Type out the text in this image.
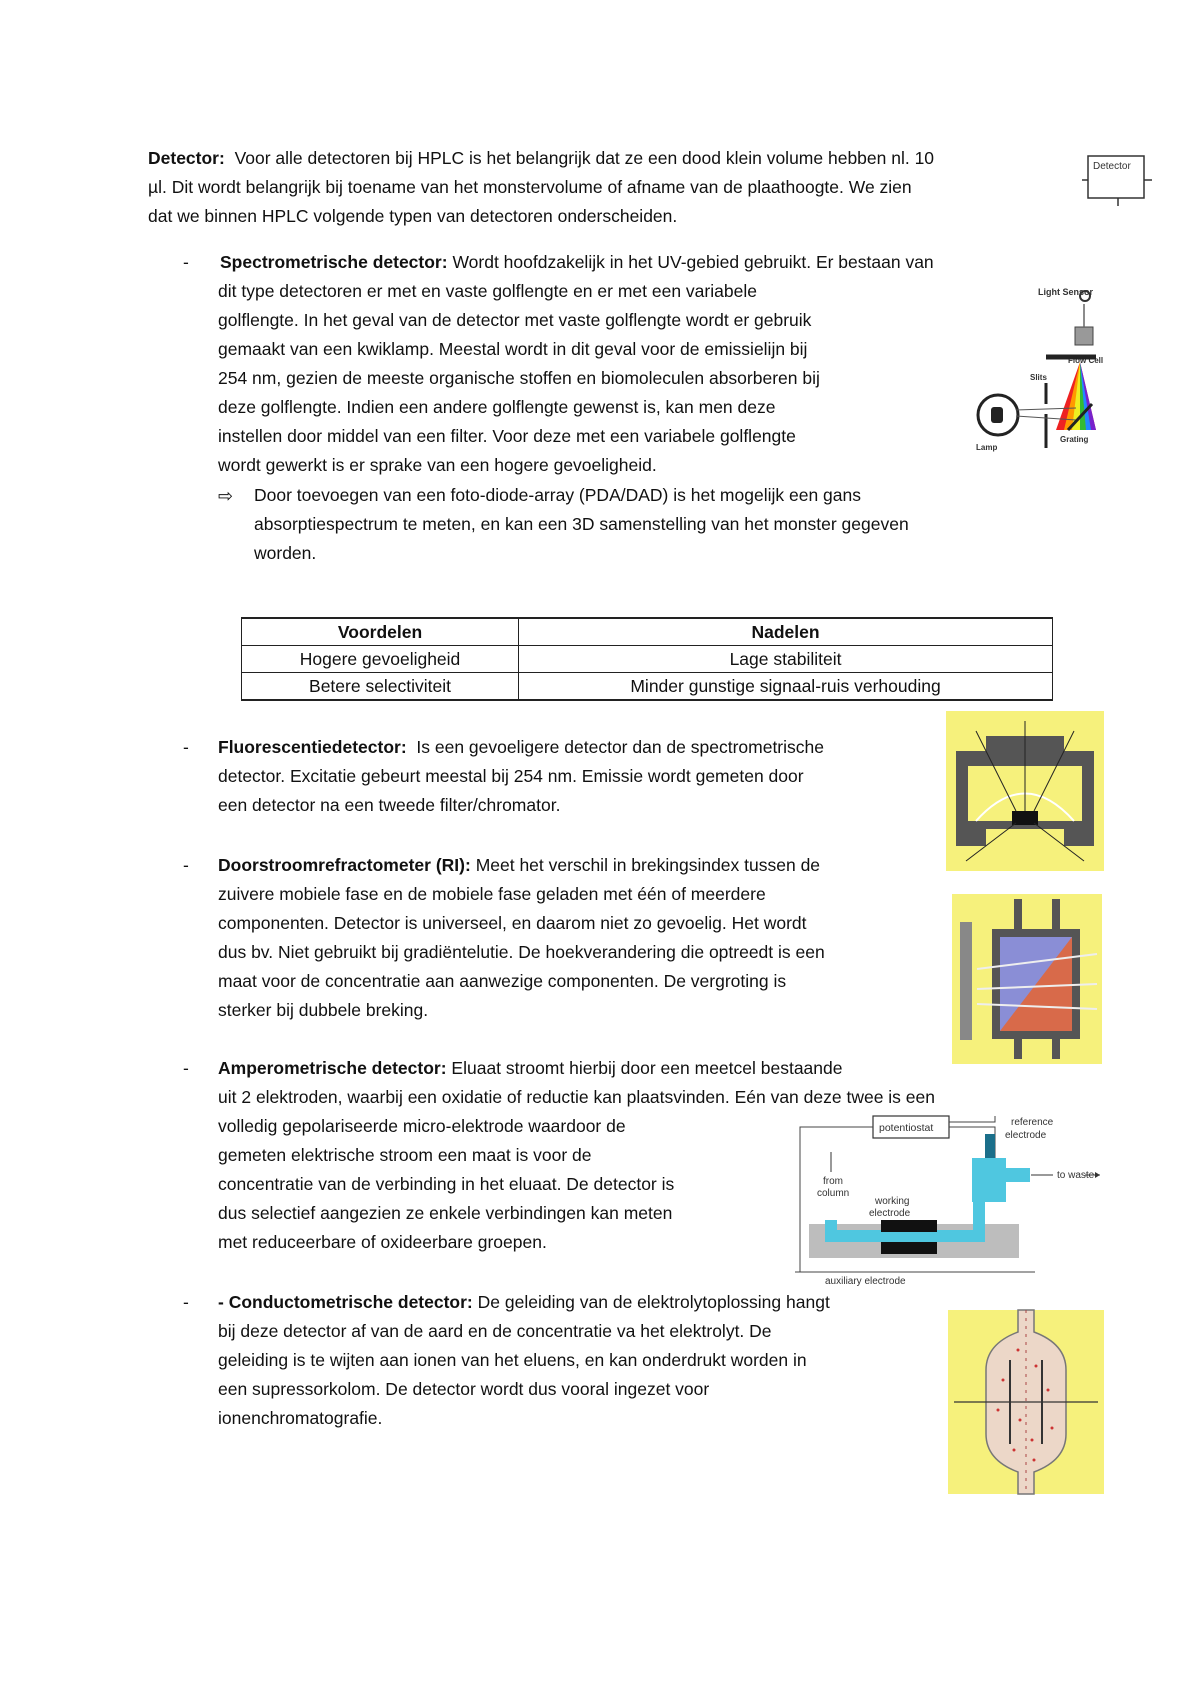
Detector: Voor alle detectoren bij HPLC is het belangrijk dat ze een dood klein volume hebben nl. 10
µl. Dit wordt belangrijk bij toename van het monstervolume of afname van de plaathoogte. We zien
dat we binnen HPLC volgende typen van detectoren onderscheiden.
Detector
- Spectrometrische detector: Wordt hoofdzakelijk in het UV-gebied gebruikt. Er bestaan van
dit type detectoren er met en vaste golflengte en er met een variabele
golflengte. In het geval van de detector met vaste golflengte wordt er gebruik
gemaakt van een kwiklamp. Meestal wordt in dit geval voor de emissielijn bij
254 nm, gezien de meeste organische stoffen en biomoleculen absorberen bij
deze golflengte. Indien een andere golflengte gewenst is, kan men deze
instellen door middel van een filter. Voor deze met een variabele golflengte
wordt gewerkt is er sprake van een hogere gevoeligheid.
⇨ Door toevoegen van een foto-diode-array (PDA/DAD) is het mogelijk een gans
absorptiespectrum te meten, en kan een 3D samenstelling van het monster gegeven
worden.
Light Sensor
Flow Cell
Slits
Lamp
Grating
Voordelen	Nadelen
Hogere gevoeligheid	Lage stabiliteit
Betere selectiviteit	Minder gunstige signaal-ruis verhouding
- Fluorescentiedetector: Is een gevoeligere detector dan de spectrometrische
detector. Excitatie gebeurt meestal bij 254 nm. Emissie wordt gemeten door
een detector na een tweede filter/chromator.
- Doorstroomrefractometer (RI): Meet het verschil in brekingsindex tussen de
zuivere mobiele fase en de mobiele fase geladen met één of meerdere
componenten. Detector is universeel, en daarom niet zo gevoelig. Het wordt
dus bv. Niet gebruikt bij gradiëntelutie. De hoekverandering die optreedt is een
maat voor de concentratie aan aanwezige componenten. De vergroting is
sterker bij dubbele breking.
- Amperometrische detector: Eluaat stroomt hierbij door een meetcel bestaande
uit 2 elektroden, waarbij een oxidatie of reductie kan plaatsvinden. Eén van deze twee is een
volledig gepolariseerde micro-elektrode waardoor de
gemeten elektrische stroom een maat is voor de
concentratie van de verbinding in het eluaat. De detector is
dus selectief aangezien ze enkele verbindingen kan meten
met reduceerbare of oxideerbare groepen.
potentiostat	reference
electrode
to waste
from
column
working
electrode
auxiliary electrode
- - Conductometrische detector: De geleiding van de elektrolytoplossing hangt
bij deze detector af van de aard en de concentratie va het elektrolyt. De
geleiding is te wijten aan ionen van het eluens, en kan onderdrukt worden in
een supressorkolom. De detector wordt dus vooral ingezet voor
ionenchromatografie.
